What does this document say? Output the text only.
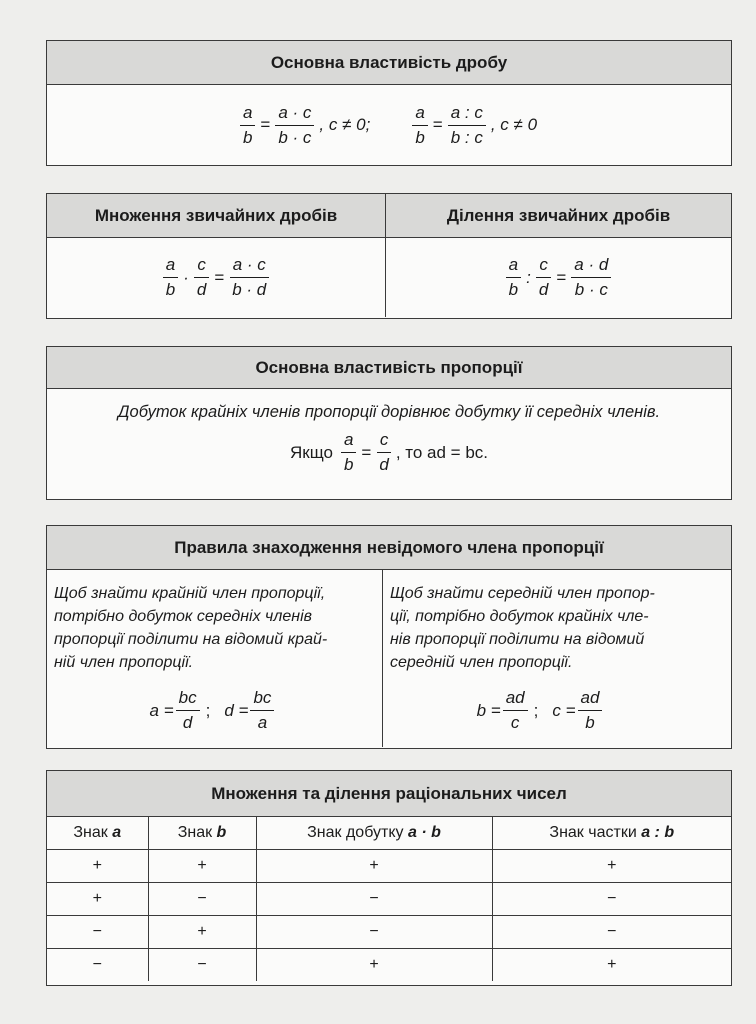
Основна властивість дробу
$\frac{a}{b} = \frac{a \cdot c}{b \cdot c}$ , c ≠ 0; $\frac{a}{b} = \frac{a : c}{b : c}$ , c ≠ 0
Множення звичайних дробів	Ділення звичайних дробів
$\frac{a}{b} \cdot \frac{c}{d} = \frac{a \cdot c}{b \cdot d}$	$\frac{a}{b}$ : $\frac{c}{d} = \frac{a \cdot d}{b \cdot c}$
Основна властивість пропорції
Добуток крайніх членів пропорції дорівнює добутку її середніх членів.
Якщо $\frac{a}{b} = \frac{c}{d}$ , то ad = bc.
Правила знаходження невідомого члена пропорції
Щоб знайти крайній член пропорції,
потрібно добуток середніх членів
пропорції поділити на відомий край-
ній член пропорції.
$a = \frac{bc}{d}$ ; $d = \frac{bc}{a}$
Щоб знайти середній член пропор-
ції, потрібно добуток крайніх чле-
нів пропорції поділити на відомий
середній член пропорції.
$b = \frac{ad}{c}$ ; $c = \frac{ad}{b}$
Множення та ділення раціональних чисел
Знак a	Знак b	Знак добутку a · b	Знак частки a : b
+	+	+	+
+	−	−	−
−	+	−	−
−	−	+	+
